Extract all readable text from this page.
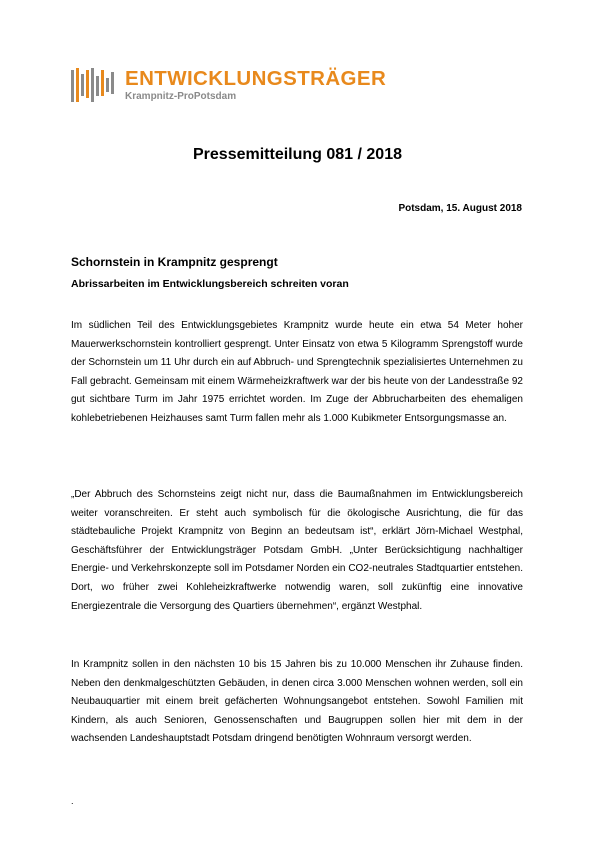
ENTWICKLUNGSTRÄGER
Krampnitz-ProPotsdam
Pressemitteilung 081 / 2018
Potsdam, 15. August 2018
Schornstein in Krampnitz gesprengt
Abrissarbeiten im Entwicklungsbereich schreiten voran

Im südlichen Teil des Entwicklungsgebietes Krampnitz wurde heute ein etwa 54 Meter hoher Mauerwerkschornstein kontrolliert gesprengt. Unter Einsatz von etwa 5 Kilogramm Sprengstoff wurde der Schornstein um 11 Uhr durch ein auf Abbruch- und Sprengtechnik spezialisiertes Unternehmen zu Fall gebracht. Gemeinsam mit einem Wärmeheizkraftwerk war der bis heute von der Landesstraße 92 gut sichtbare Turm im Jahr 1975 errichtet worden. Im Zuge der Abbrucharbeiten des ehemaligen kohlebetriebenen Heizhauses samt Turm fallen mehr als 1.000 Kubikmeter Entsorgungsmasse an.

„Der Abbruch des Schornsteins zeigt nicht nur, dass die Baumaßnahmen im Entwicklungsbereich weiter voranschreiten. Er steht auch symbolisch für die ökologische Ausrichtung, die für das städtebauliche Projekt Krampnitz von Beginn an bedeutsam ist“, erklärt Jörn-Michael Westphal, Geschäftsführer der Entwicklungsträger Potsdam GmbH. „Unter Berücksichtigung nachhaltiger Energie- und Verkehrskonzepte soll im Potsdamer Norden ein CO2-neutrales Stadtquartier entstehen. Dort, wo früher zwei Kohleheizkraftwerke notwendig waren, soll zukünftig eine innovative Energiezentrale die Versorgung des Quartiers übernehmen“, ergänzt Westphal.

In Krampnitz sollen in den nächsten 10 bis 15 Jahren bis zu 10.000 Menschen ihr Zuhause finden. Neben den denkmalgeschützten Gebäuden, in denen circa 3.000 Menschen wohnen werden, soll ein Neubauquartier mit einem breit gefächerten Wohnungsangebot entstehen. Sowohl Familien mit Kindern, als auch Senioren, Genossenschaften und Baugruppen sollen hier mit dem in der wachsenden Landeshauptstadt Potsdam dringend benötigten Wohnraum versorgt werden.

.
